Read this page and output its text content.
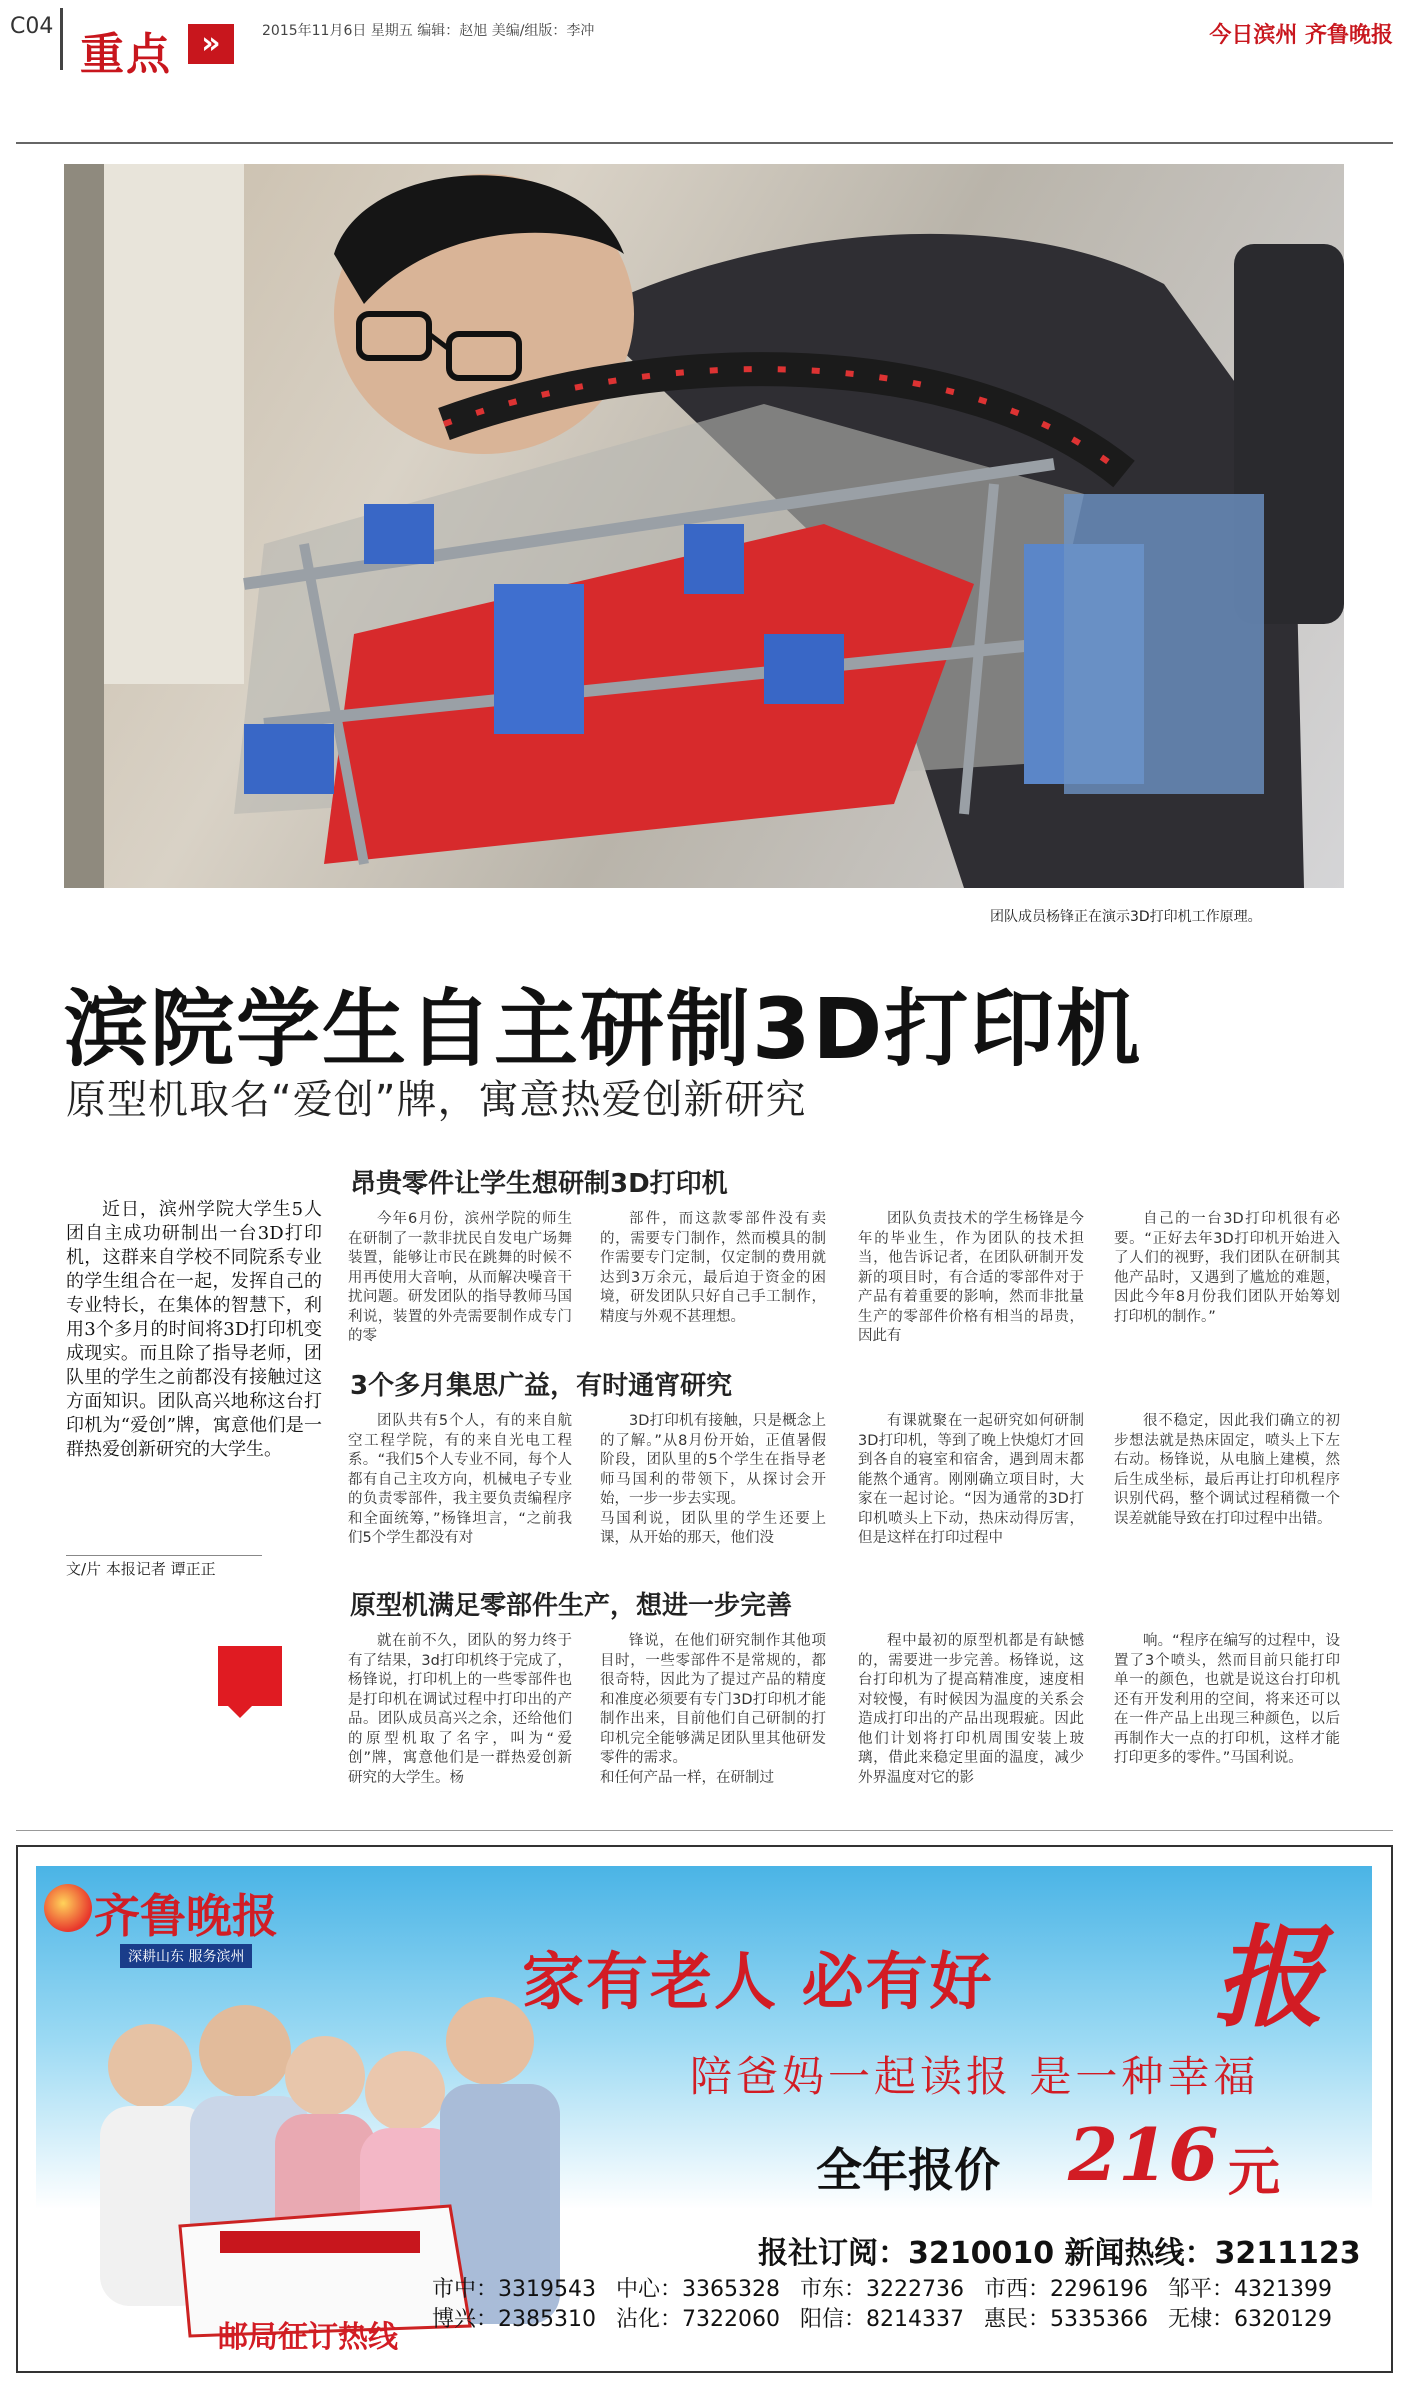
C04
重点 »	2015年11月6日 星期五 编辑：赵旭 美编/组版：李冲	今日滨州 齐鲁晚报
团队成员杨锋正在演示3D打印机工作原理。
滨院学生自主研制3D打印机
原型机取名“爱创”牌，寓意热爱创新研究
近日，滨州学院大学生5人团自主成功研制出一台3D打印机，这群来自学校不同院系专业的学生组合在一起，发挥自己的专业特长，在集体的智慧下，利用3个多月的时间将3D打印机变成现实。而且除了指导老师，团队里的学生之前都没有接触过这方面知识。团队高兴地称这台打印机为“爱创”牌，寓意他们是一群热爱创新研究的大学生。
文/片 本报记者 谭正正
昂贵零件让学生想研制3D打印机
今年6月份，滨州学院的师生在研制了一款非扰民自发电广场舞装置，能够让市民在跳舞的时候不用再使用大音响，从而解决噪音干扰问题。研发团队的指导教师马国利说，装置的外壳需要制作成专门的零
部件，而这款零部件没有卖的，需要专门制作，然而模具的制作需要专门定制，仅定制的费用就达到3万余元，最后迫于资金的困境，研发团队只好自己手工制作，精度与外观不甚理想。
团队负责技术的学生杨锋是今年的毕业生，作为团队的技术担当，他告诉记者，在团队研制开发新的项目时，有合适的零部件对于产品有着重要的影响，然而非批量生产的零部件价格有相当的昂贵，因此有
自己的一台3D打印机很有必要。“正好去年3D打印机开始进入了人们的视野，我们团队在研制其他产品时，又遇到了尴尬的难题，因此今年8月份我们团队开始筹划打印机的制作。”
3个多月集思广益，有时通宵研究
团队共有5个人，有的来自航空工程学院，有的来自光电工程系。“我们5个人专业不同，每个人都有自己主攻方向，机械电子专业的负责零部件，我主要负责编程序和全面统筹，”杨锋坦言，“之前我们5个学生都没有对
3D打印机有接触，只是概念上的了解。”从8月份开始，正值暑假阶段，团队里的5个学生在指导老师马国利的带领下，从探讨会开始，一步一步去实现。
马国利说，团队里的学生还要上课，从开始的那天，他们没
有课就聚在一起研究如何研制3D打印机，等到了晚上快熄灯才回到各自的寝室和宿舍，遇到周末都能熬个通宵。刚刚确立项目时，大家在一起讨论。“因为通常的3D打印机喷头上下动，热床动得厉害，但是这样在打印过程中
很不稳定，因此我们确立的初步想法就是热床固定，喷头上下左右动。杨锋说，从电脑上建模，然后生成坐标，最后再让打印机程序识别代码，整个调试过程稍微一个误差就能导致在打印过程中出错。
原型机满足零部件生产，想进一步完善
就在前不久，团队的努力终于有了结果，3d打印机终于完成了，杨锋说，打印机上的一些零部件也是打印机在调试过程中打印出的产品。团队成员高兴之余，还给他们的原型机取了名字，叫为“爱创”牌，寓意他们是一群热爱创新研究的大学生。杨
锋说，在他们研究制作其他项目时，一些零部件不是常规的，都很奇特，因此为了提过产品的精度和准度必须要有专门3D打印机才能制作出来，目前他们自己研制的打印机完全能够满足团队里其他研发零件的需求。
和任何产品一样，在研制过
程中最初的原型机都是有缺憾的，需要进一步完善。杨锋说，这台打印机为了提高精准度，速度相对较慢，有时候因为温度的关系会造成打印出的产品出现瑕疵。因此他们计划将打印机周围安装上玻璃，借此来稳定里面的温度，减少外界温度对它的影
响。“程序在编写的过程中，设置了3个喷头，然而目前只能打印单一的颜色，也就是说这台打印机还有开发利用的空间，将来还可以在一件产品上出现三种颜色，以后再制作大一点的打印机，这样才能打印更多的零件。”马国利说。
齐鲁晚报
深耕山东 服务滨州	家有老人 必有好 报
陪爸妈一起读报 是一种幸福
全年报价 216 元
报社订阅：3210010 新闻热线：3211123
邮局征订热线
市中：3319543 中心：3365328 市东：3222736 市西：2296196 邹平：4321399
博兴：2385310 沾化：7322060 阳信：8214337 惠民：5335366 无棣：6320129
